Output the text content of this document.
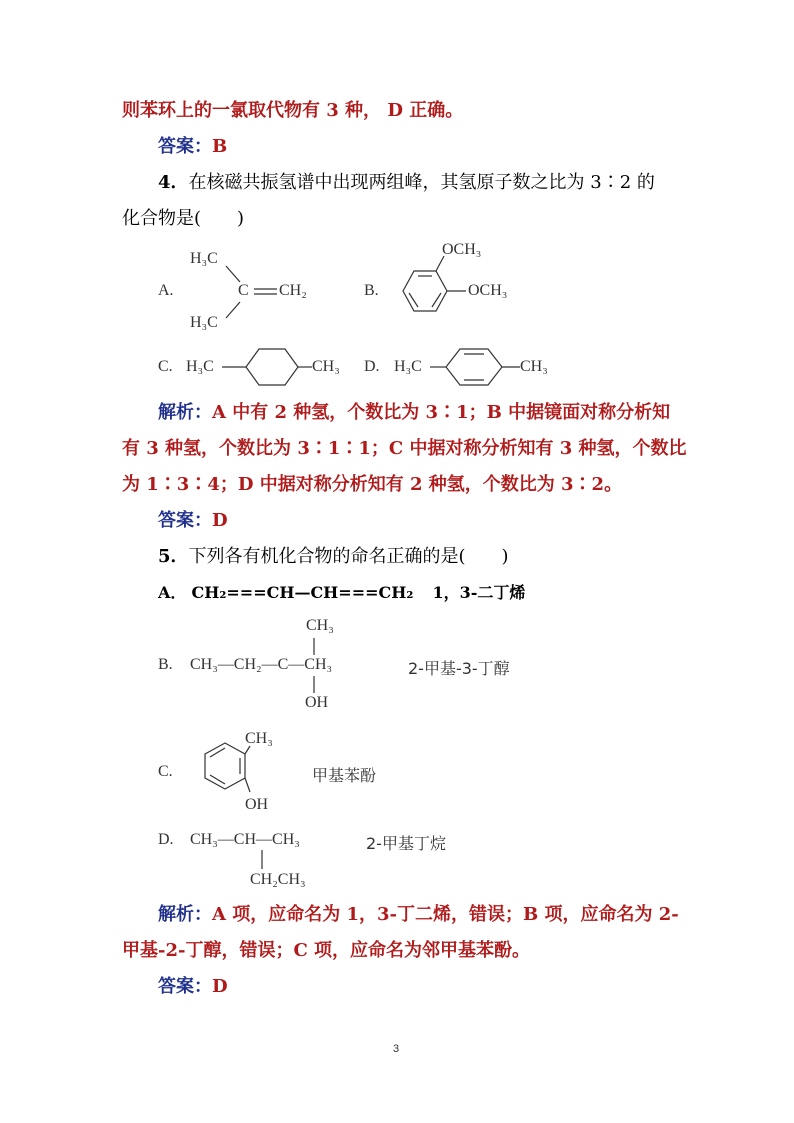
则苯环上的一氯取代物有 3 种， D 正确。
答案：B
4．在核磁共振氢谱中出现两组峰，其氢原子数之比为 3∶2 的
化合物是(　　)
A.
H₃C
C CH₂
H₃C
B.
OCH₃
OCH₃
C. H₃C	CH₃ D. H₃C	CH₃
解析：A 中有 2 种氢，个数比为 3∶1；B 中据镜面对称分析知
有 3 种氢，个数比为 3∶1∶1；C 中据对称分析知有 3 种氢，个数比
为 1∶3∶4；D 中据对称分析知有 2 种氢，个数比为 3∶2。
答案：D
5．下列各有机化合物的命名正确的是(　　)
A． CH₂===CH—CH===CH₂ 1，3-二丁烯
B.
CH₃
CH₃—CH₂—C—CH₃
OH
2-甲基-3-丁醇
C.
CH₃
OH
甲基苯酚
D. CH₃—CH—CH₃
CH₂CH₃
2-甲基丁烷
解析：A 项，应命名为 1，3-丁二烯，错误；B 项，应命名为 2-
甲基-2-丁醇，错误；C 项，应命名为邻甲基苯酚。
答案：D
3
